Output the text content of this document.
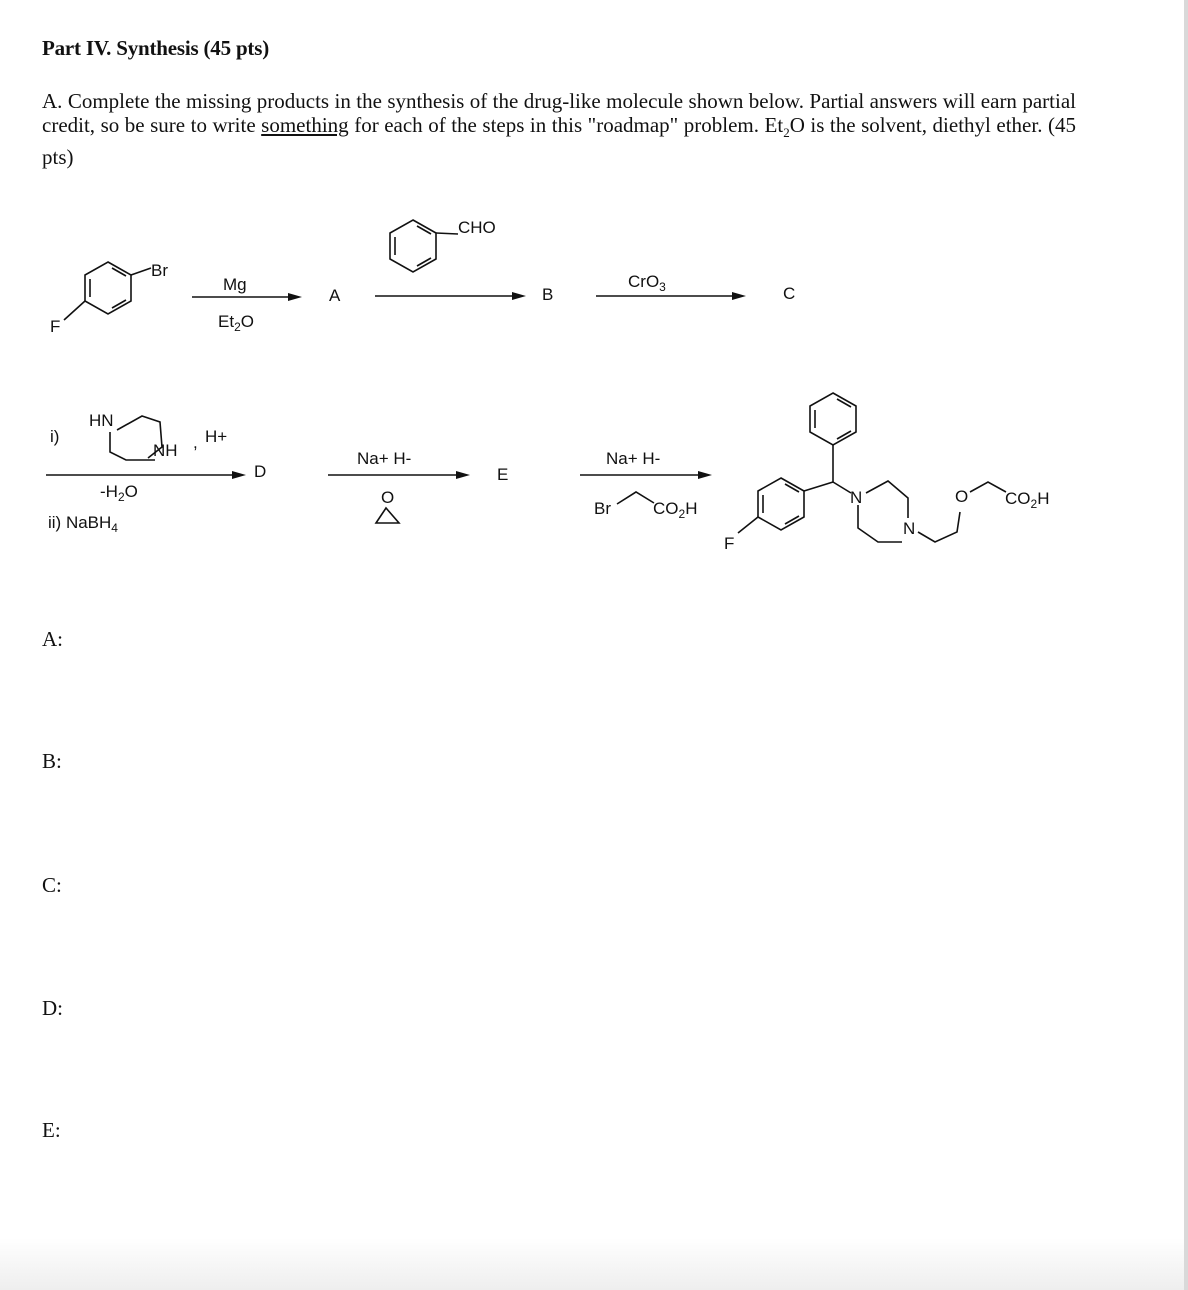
Part IV. Synthesis (45 pts)
A. Complete the missing products in the synthesis of the drug-like molecule shown below. Partial answers will earn partial credit, so be sure to write something for each of the steps in this "roadmap" problem. $Et_2O$ is the solvent, diethyl ether. (45 pts)
Br
F
Mg
$Et_2O$
A
CHO
B
CrO$_3$	C
i)
HN
NH , H+
$-H_2O$
ii) NaBH$_4$
D
Na+ H-
O
E
Na+ H-
Br $CO_2H$
F
N
N
O $CO_2H$
A:
B:
C:
D:
E:
